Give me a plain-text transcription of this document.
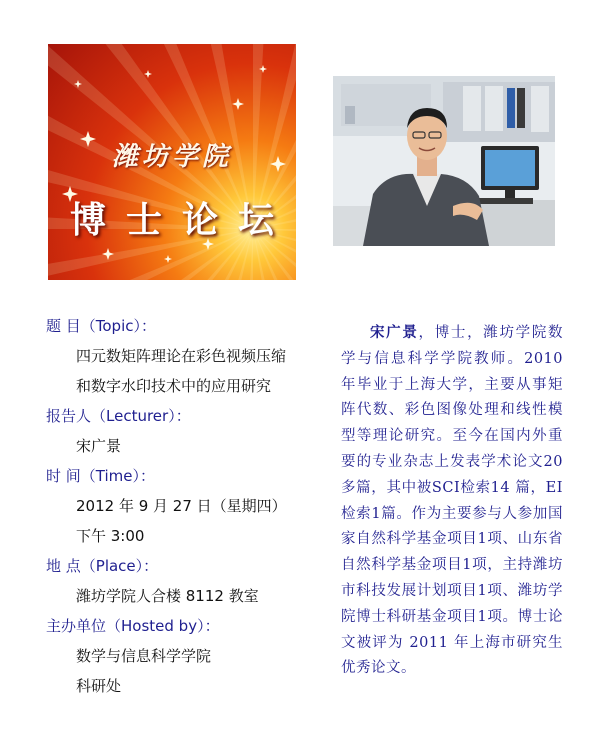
潍坊学院
博士论坛
题 目（Topic）：
四元数矩阵理论在彩色视频压缩
和数字水印技术中的应用研究
报告人（Lecturer）：
宋广景
时 间（Time）：
2012 年 9 月 27 日（星期四）
下午 3:00
地 点（Place）：
潍坊学院人合楼 8112 教室
主办单位（Hosted by）：
数学与信息科学学院
科研处

宋广景，博士，潍坊学院数学与信息科学学院教师。2010 年毕业于上海大学，主要从事矩阵代数、彩色图像处理和线性模型等理论研究。至今在国内外重要的专业杂志上发表学术论文20多篇，其中被SCI检索14 篇，EI检索1篇。作为主要参与人参加国家自然科学基金项目1项、山东省自然科学基金项目1项，主持潍坊市科技发展计划项目1项、潍坊学院博士科研基金项目1项。博士论文被评为 2011 年上海市研究生优秀论文。
